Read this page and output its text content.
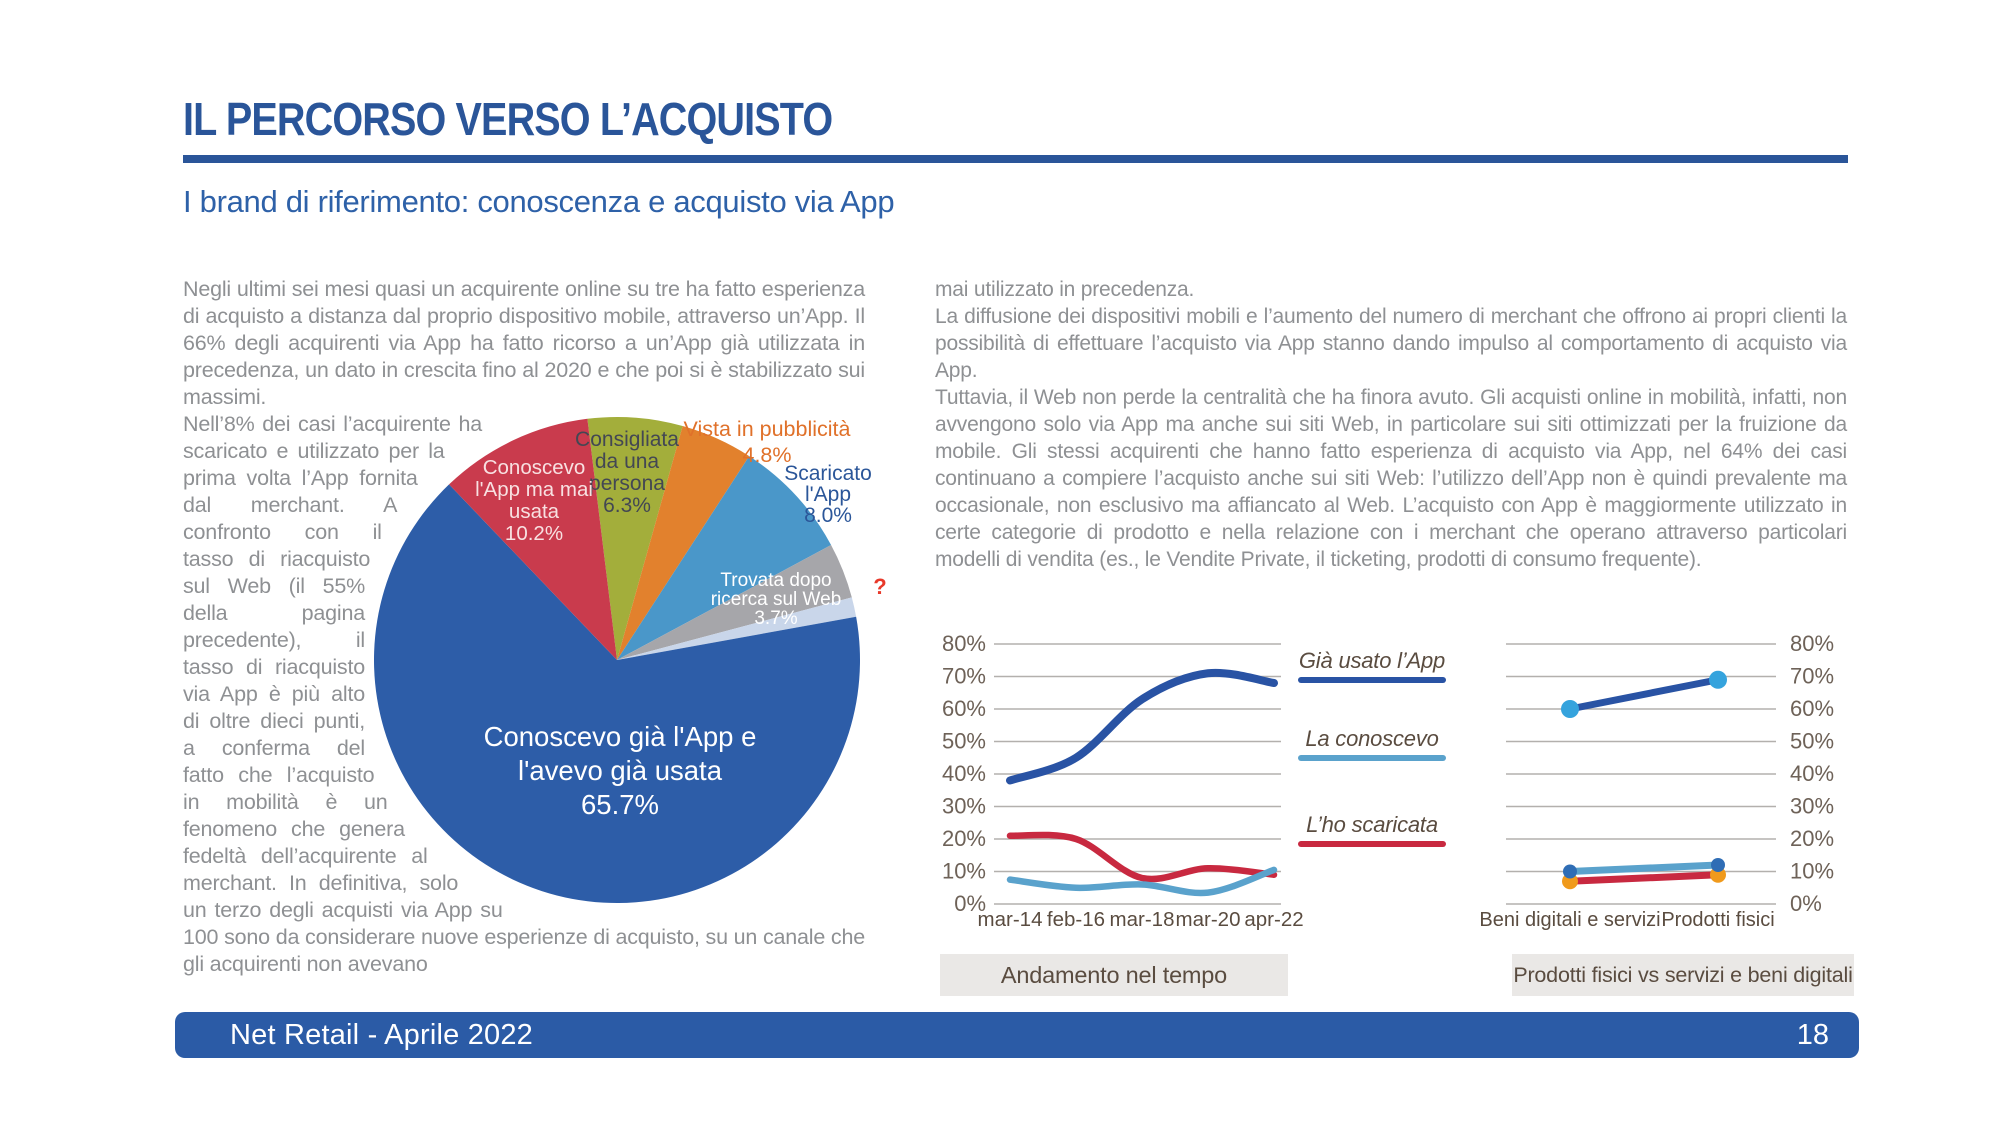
IL PERCORSO VERSO L’ACQUISTO
I brand di riferimento: conoscenza e acquisto via App

Negli ultimi sei mesi quasi un acquirente online su tre ha fatto esperienza di acquisto a distanza dal proprio dispositivo mobile, attraverso un’App. Il 66% degli acquirenti via App ha fatto ricorso a un’App già utilizzata in precedenza, un dato in crescita fino al 2020 e che poi si è stabilizzato sui massimi.

Nell’8% dei casi l’acquirente ha scaricato e utilizzato per la prima volta l’App fornita dal merchant. A confronto con il tasso di riacquisto sul Web (il 55% della pagina precedente), il tasso di riacquisto via App è più alto di oltre dieci punti, a conferma del fatto che l’acquisto in mobilità è un fenomeno che genera fedeltà dell’acquirente al merchant. In definitiva, solo un terzo degli acquisti via App su 100 sono da considerare nuove esperienze di acquisto, su un canale che gli acquirenti non avevano

mai utilizzato in precedenza.

La diffusione dei dispositivi mobili e l’aumento del numero di merchant che offrono ai propri clienti la possibilità di effettuare l’acquisto via App stanno dando impulso al comportamento di acquisto via App.

Tuttavia, il Web non perde la centralità che ha finora avuto. Gli acquisti online in mobilità, infatti, non avvengono solo via App ma anche sui siti Web, in particolare sui siti ottimizzati per la fruizione da mobile. Gli stessi acquirenti che hanno fatto esperienza di acquisto via App, nel 64% dei casi continuano a compiere l’acquisto anche sui siti Web: l’utilizzo dell’App non è quindi prevalente ma occasionale, non esclusivo ma affiancato al Web. L’acquisto con App è maggiormente utilizzato in certe categorie di prodotto e nella relazione con i merchant che operano attraverso particolari modelli di vendita (es., le Vendite Private, il ticketing, prodotti di consumo frequente).

Consigliata da una persona 6.3%
Vista in pubblicità 4.8%
Scaricato l'App 8.0%
Trovata dopo ricerca sul Web 3.7%
Conoscevo già l'App e l'avevo già usata 65.7%
Conoscevo l'App ma mai usata 10.2%
?
0%
10%
20%
30%
40%
50%
60%
70%
80%
mar-14 feb-16 mar-18 mar-20 apr-22
Già usato l’App
La conoscevo
L’ho scaricata
0%
10%
20%
30%
40%
50%
60%
70%
80%
Beni digitali e servizi Prodotti fisici
Andamento nel tempo	Prodotti fisici vs servizi e beni digitali
Net Retail - Aprile 2022	18
